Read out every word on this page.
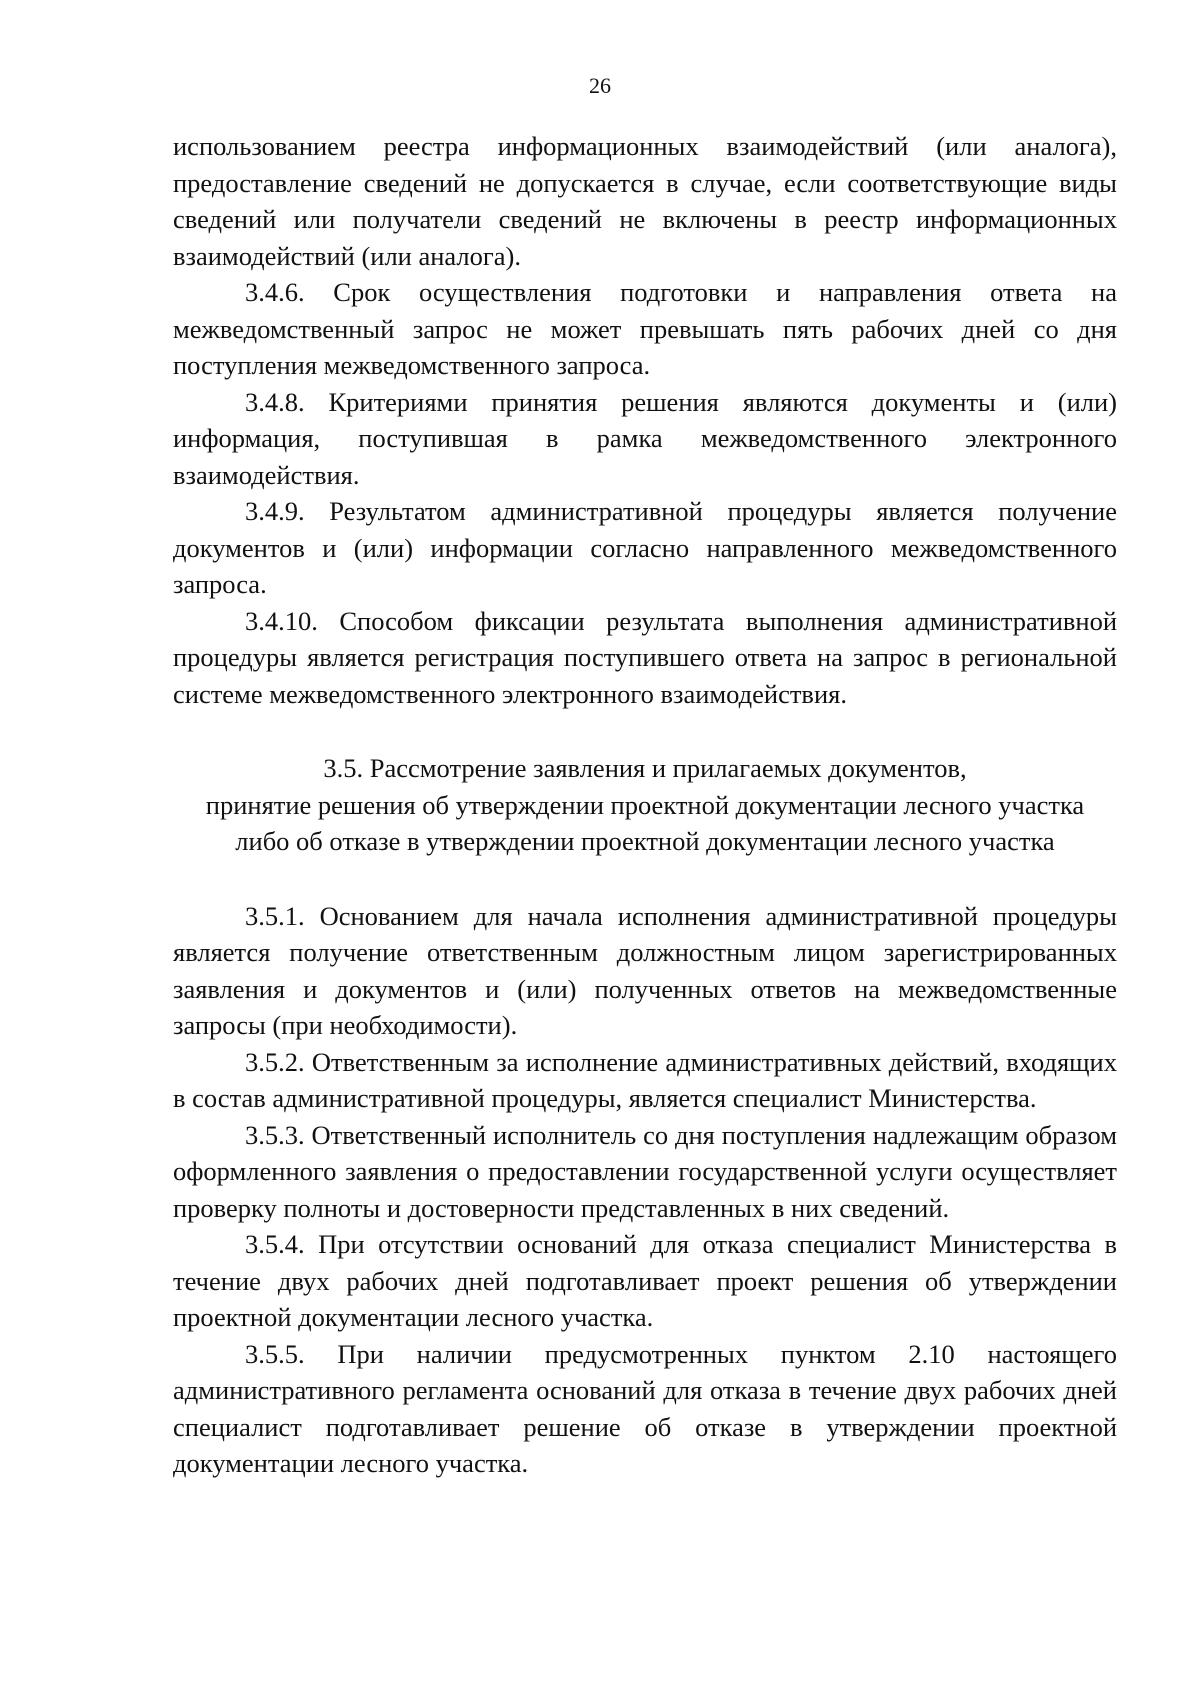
26

использованием реестра информационных взаимодействий (или аналога), предоставление сведений не допускается в случае, если соответствующие виды сведений или получатели сведений не включены в реестр информационных взаимодействий (или аналога).

3.4.6. Срок осуществления подготовки и направления ответа на межведомственный запрос не может превышать пять рабочих дней со дня поступления межведомственного запроса.

3.4.8. Критериями принятия решения являются документы и (или) информация, поступившая в рамка межведомственного электронного взаимодействия.

3.4.9. Результатом административной процедуры является получение документов и (или) информации согласно направленного межведомственного запроса.

3.4.10. Способом фиксации результата выполнения административной процедуры является регистрация поступившего ответа на запрос в региональной системе межведомственного электронного взаимодействия.

3.5. Рассмотрение заявления и прилагаемых документов,
принятие решения об утверждении проектной документации лесного участка
либо об отказе в утверждении проектной документации лесного участка

3.5.1. Основанием для начала исполнения административной процедуры является получение ответственным должностным лицом зарегистрированных заявления и документов и (или) полученных ответов на межведомственные запросы (при необходимости).

3.5.2. Ответственным за исполнение административных действий, входящих в состав административной процедуры, является специалист Министерства.

3.5.3. Ответственный исполнитель со дня поступления надлежащим образом оформленного заявления о предоставлении государственной услуги осуществляет проверку полноты и достоверности представленных в них сведений.

3.5.4. При отсутствии оснований для отказа специалист Министерства в течение двух рабочих дней подготавливает проект решения об утверждении проектной документации лесного участка.

3.5.5. При наличии предусмотренных пунктом 2.10 настоящего административного регламента оснований для отказа в течение двух рабочих дней специалист подготавливает решение об отказе в утверждении проектной документации лесного участка.
